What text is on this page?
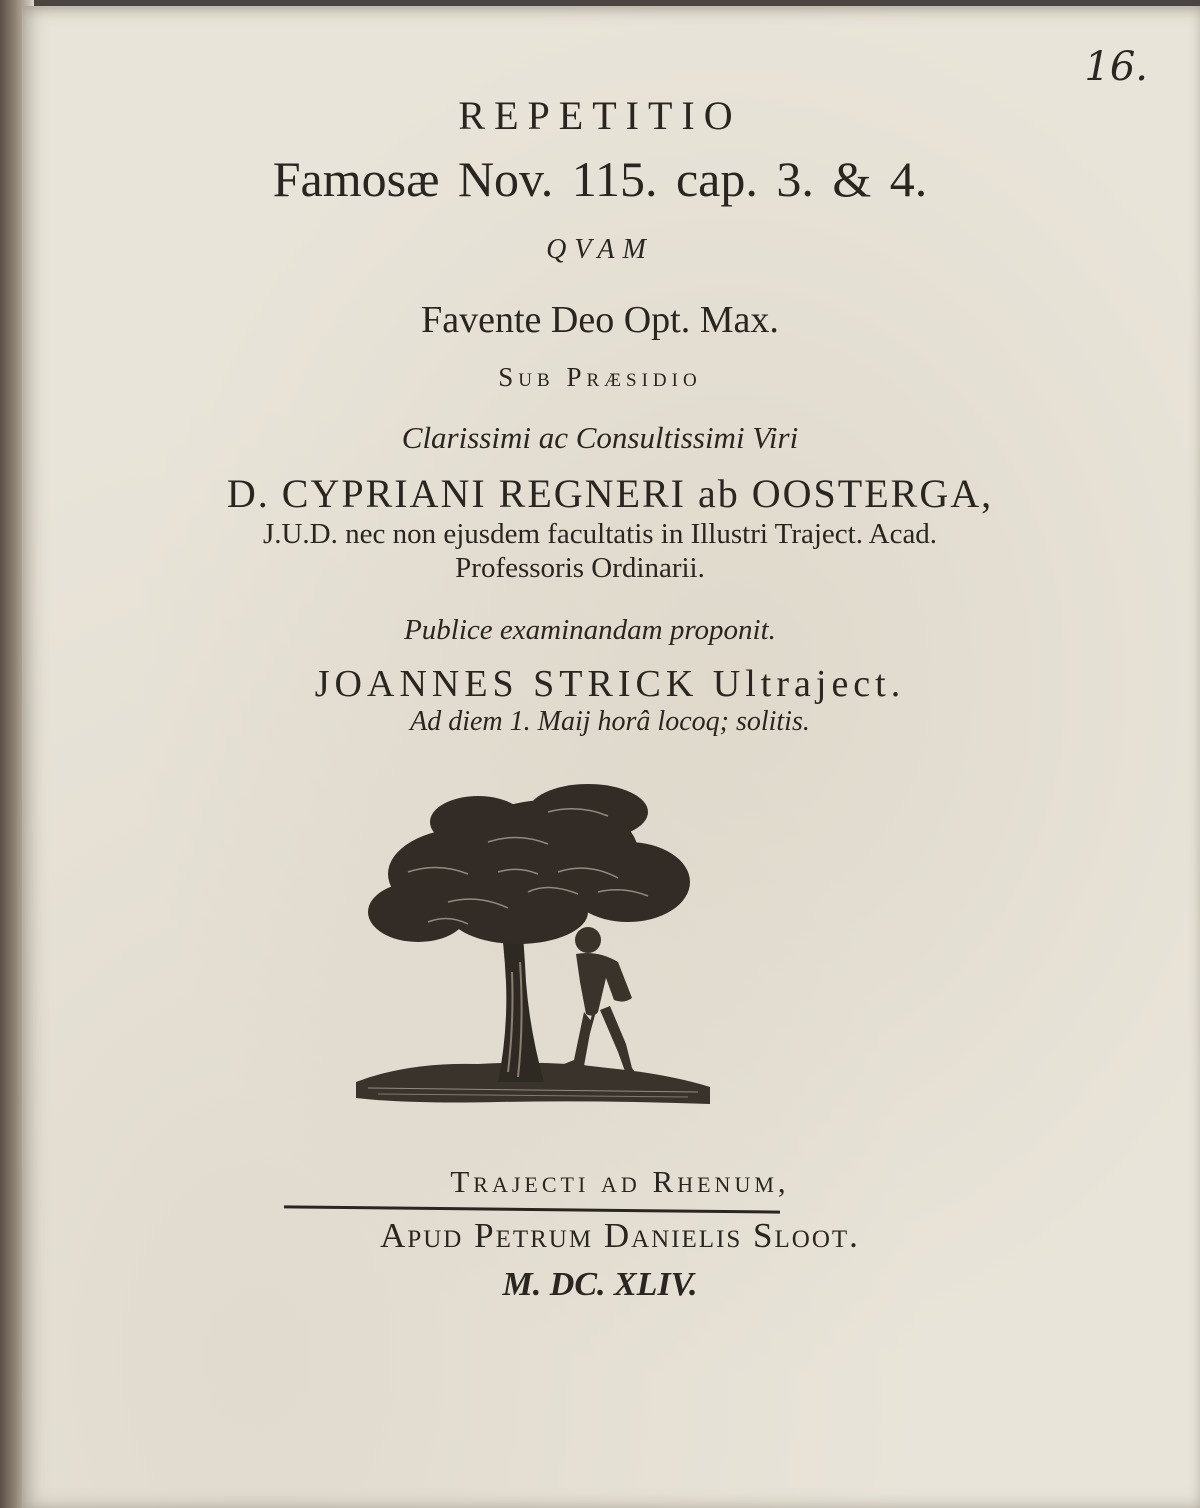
16.
REPETITIO
Famosæ Nov. 115. cap. 3. & 4.
QVAM
Favente Deo Opt. Max.
Sub Præsidio
Clarissimi ac Consultissimi Viri
D. CYPRIANI REGNERI ab OOSTERGA,
J.U.D. nec non ejusdem facultatis in Illustri Traject. Acad.
Professoris Ordinarii.
Publice examinandam proponit.
JOANNES STRICK Ultraject.
Ad diem 1. Maij horâ locoq; solitis.
Trajecti ad Rhenum,
Apud Petrum Danielis Sloot.
M. DC. XLIV.
